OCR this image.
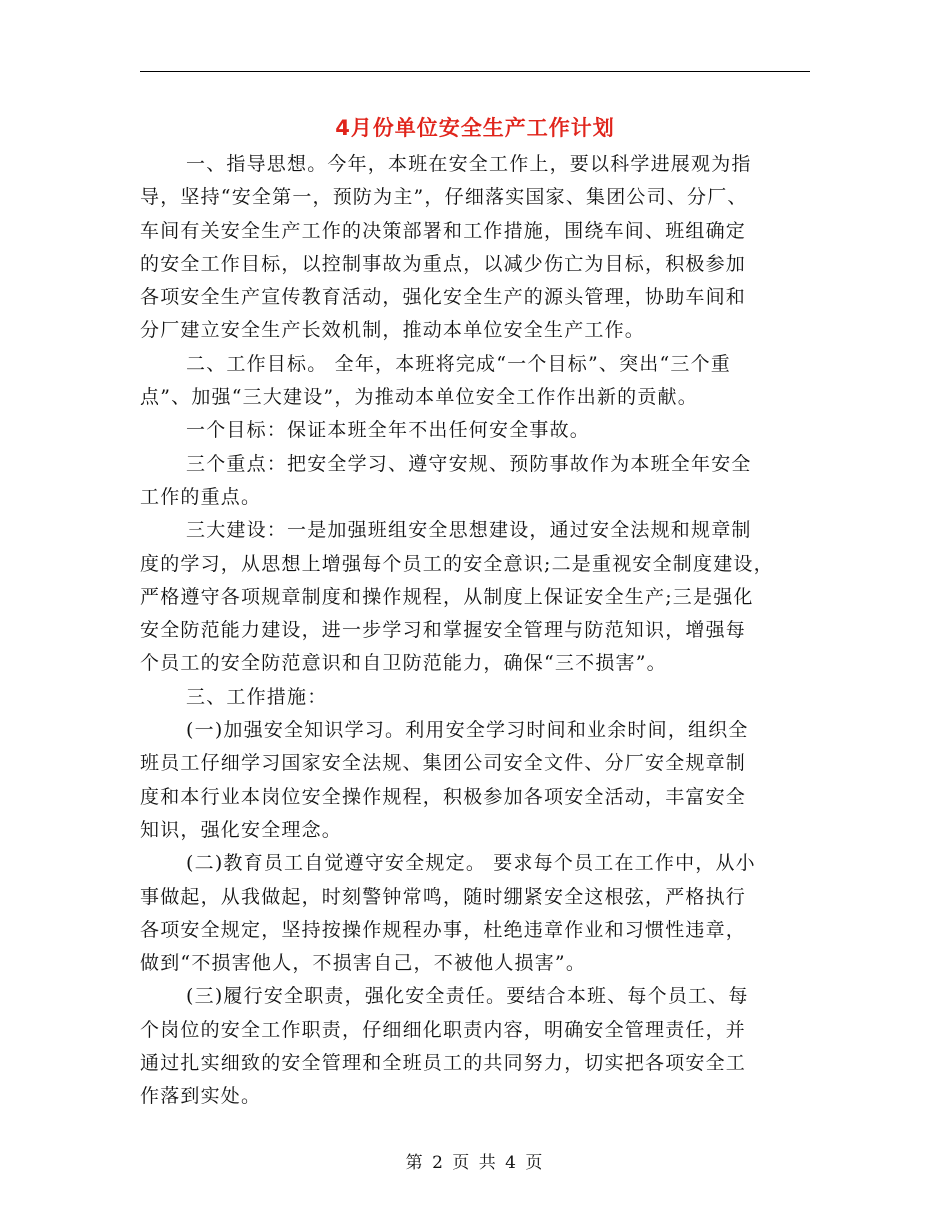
4月份单位安全生产工作计划
一、指导思想。今年，本班在安全工作上，要以科学进展观为指
导，坚持“安全第一，预防为主”，仔细落实国家、集团公司、分厂、
车间有关安全生产工作的决策部署和工作措施，围绕车间、班组确定
的安全工作目标，以控制事故为重点，以减少伤亡为目标，积极参加
各项安全生产宣传教育活动，强化安全生产的源头管理，协助车间和
分厂建立安全生产长效机制，推动本单位安全生产工作。
二、工作目标。 全年，本班将完成“一个目标”、突出“三个重
点”、加强“三大建设”，为推动本单位安全工作作出新的贡献。
一个目标：保证本班全年不出任何安全事故。
三个重点：把安全学习、遵守安规、预防事故作为本班全年安全
工作的重点。
三大建设：一是加强班组安全思想建设，通过安全法规和规章制
度的学习，从思想上增强每个员工的安全意识;二是重视安全制度建设，
严格遵守各项规章制度和操作规程，从制度上保证安全生产;三是强化
安全防范能力建设，进一步学习和掌握安全管理与防范知识，增强每
个员工的安全防范意识和自卫防范能力，确保“三不损害”。
三、工作措施：
(一)加强安全知识学习。利用安全学习时间和业余时间，组织全
班员工仔细学习国家安全法规、集团公司安全文件、分厂安全规章制
度和本行业本岗位安全操作规程，积极参加各项安全活动，丰富安全
知识，强化安全理念。
(二)教育员工自觉遵守安全规定。 要求每个员工在工作中，从小
事做起，从我做起，时刻警钟常鸣，随时绷紧安全这根弦，严格执行
各项安全规定，坚持按操作规程办事，杜绝违章作业和习惯性违章，
做到“不损害他人，不损害自己，不被他人损害”。
(三)履行安全职责，强化安全责任。要结合本班、每个员工、每
个岗位的安全工作职责，仔细细化职责内容，明确安全管理责任，并
通过扎实细致的安全管理和全班员工的共同努力，切实把各项安全工
作落到实处。
第 2 页 共 4 页
